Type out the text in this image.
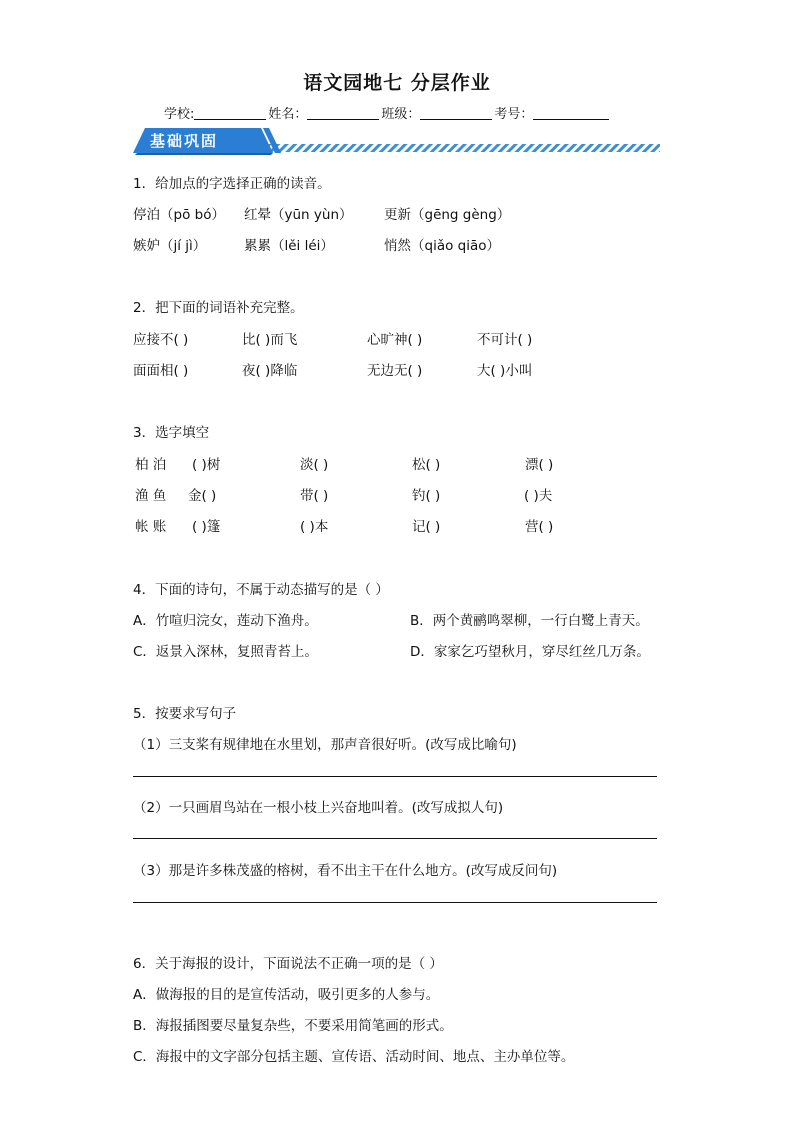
语文园地七 分层作业
学校:	姓名：	班级：	考号：
基础巩固
1．给加点的字选择正确的读音。
停泊（pō bó） 红晕（yūn yùn） 更新（gēng gèng）
嫉妒（jí jì）	累累（lěi léi）	悄然（qiǎo qiāo）
2．把下面的词语补充完整。
应接不( )	比( )而飞	心旷神( )	不可计( )
面面相( )	夜( )降临	无边无( )	大( )小叫
3．选字填空
柏 泊 ( )树	淡( )	松( )	漂( )
渔 鱼 金( )	带( )	钓( )	( )夫
帐 账 ( )篷	( )本	记( )	营( )
4．下面的诗句，不属于动态描写的是（ ）
A．竹喧归浣女，莲动下渔舟。	B．两个黄鹂鸣翠柳，一行白鹭上青天。
C．返景入深林，复照青苔上。	D．家家乞巧望秋月，穿尽红丝几万条。
5．按要求写句子
（1）三支桨有规律地在水里划，那声音很好听。(改写成比喻句)
（2）一只画眉鸟站在一根小枝上兴奋地叫着。(改写成拟人句)
（3）那是许多株茂盛的榕树，看不出主干在什么地方。(改写成反问句)
6．关于海报的设计，下面说法不正确一项的是（ ）
A．做海报的目的是宣传活动，吸引更多的人参与。
B．海报插图要尽量复杂些，不要采用简笔画的形式。
C．海报中的文字部分包括主题、宣传语、活动时间、地点、主办单位等。
